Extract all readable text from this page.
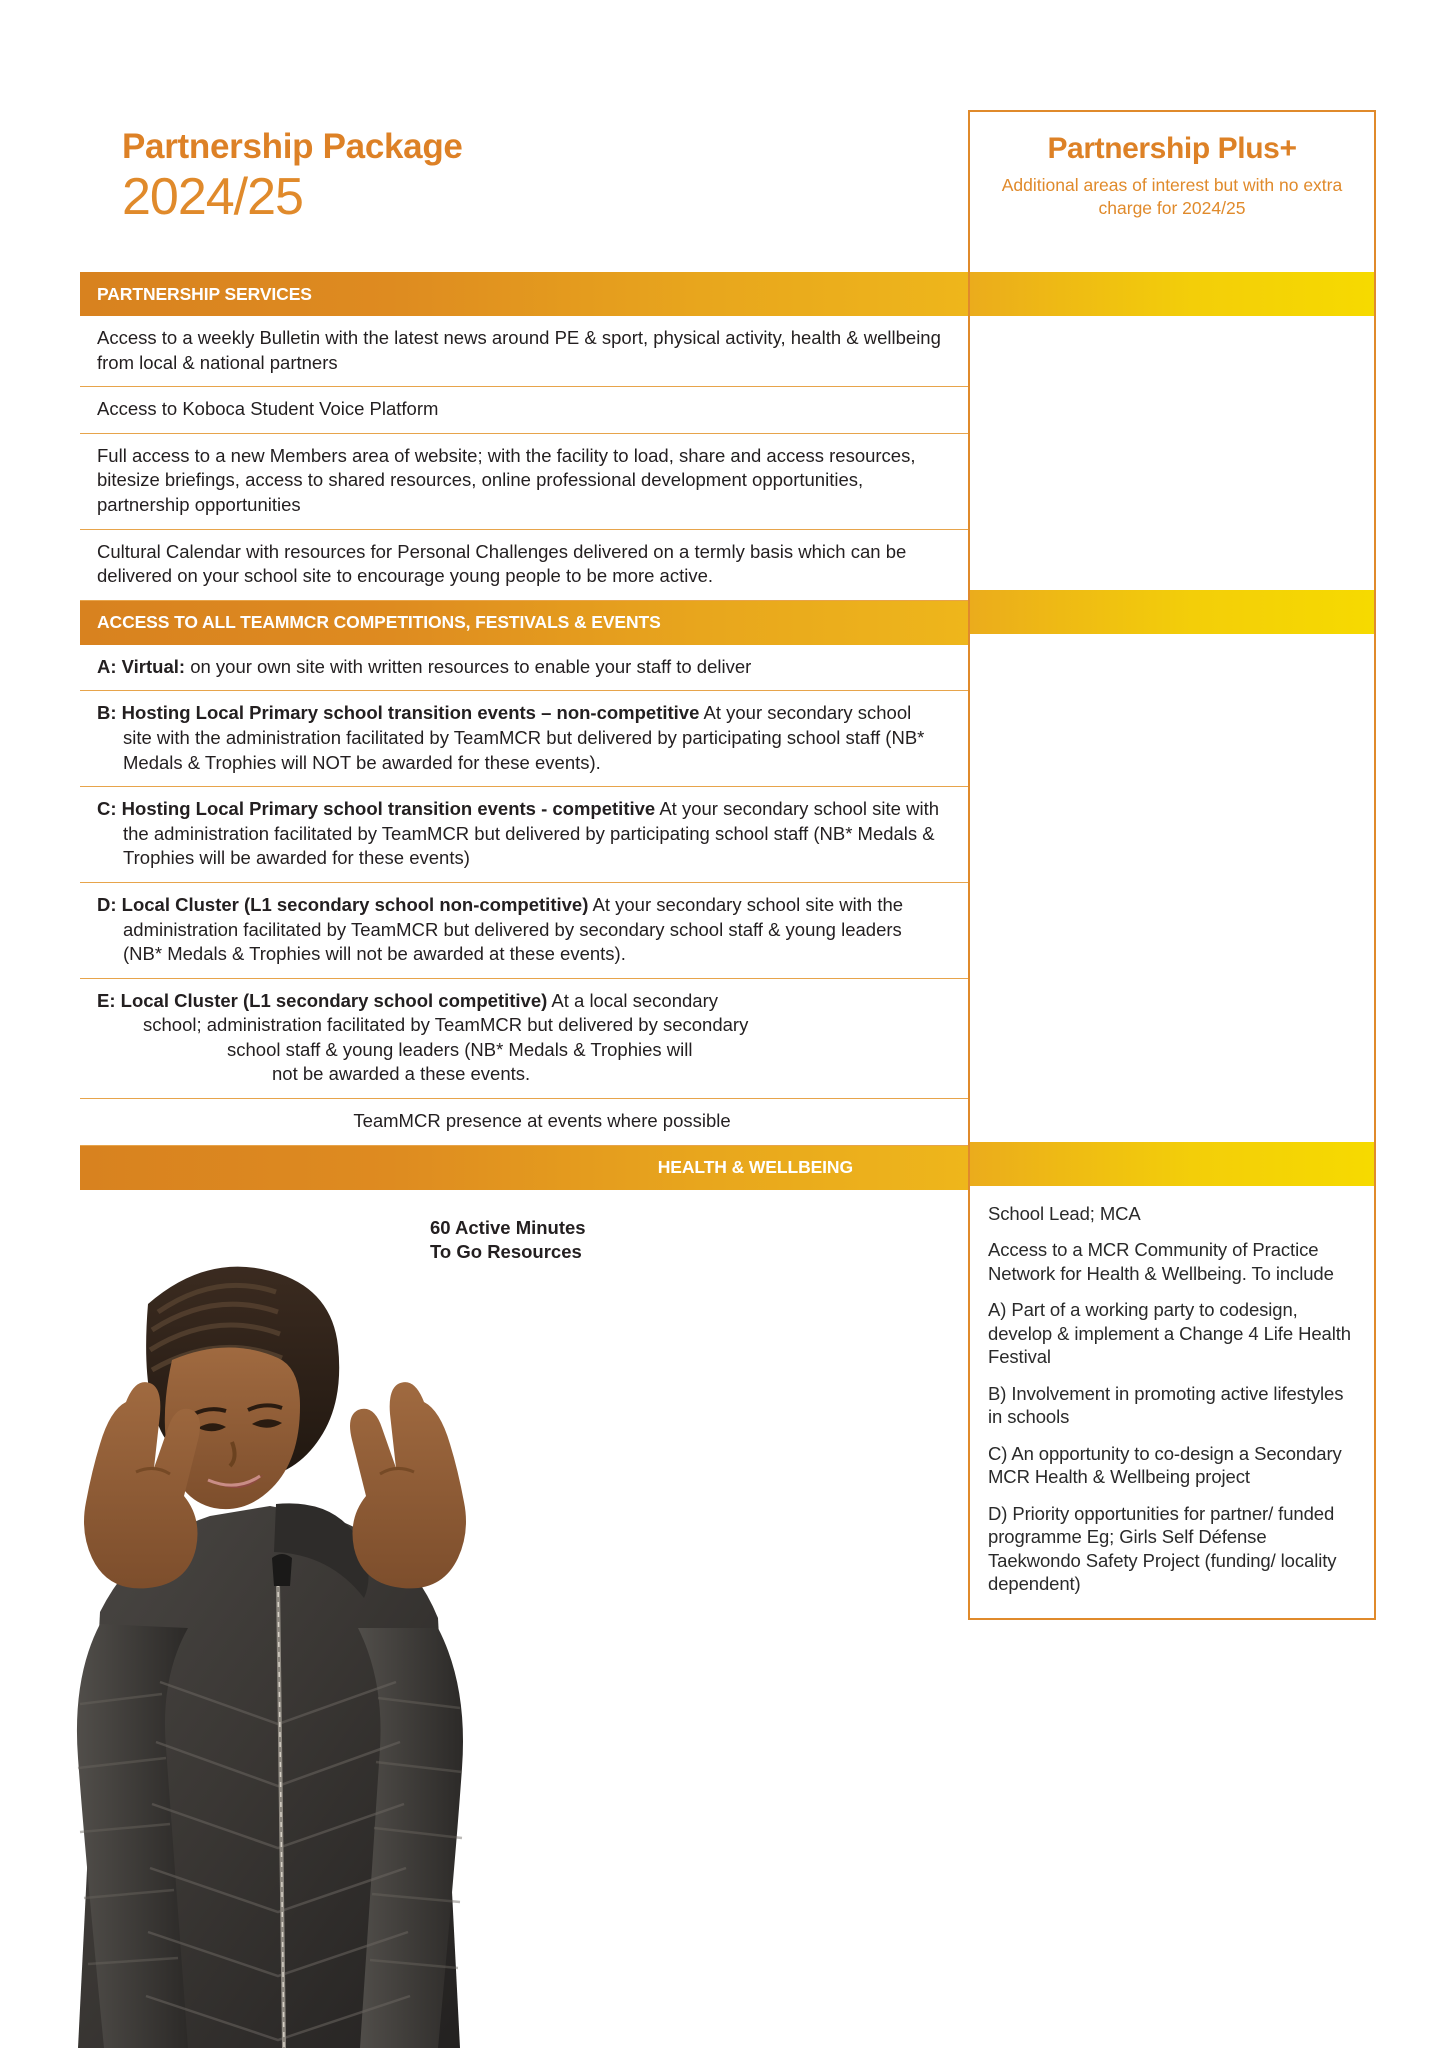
Partnership Package
2024/25
Partnership Plus+
Additional areas of interest but with no extra charge for 2024/25
PARTNERSHIP SERVICES
Access to a weekly Bulletin with the latest news around PE & sport, physical activity, health & wellbeing from local & national partners
Access to Koboca Student Voice Platform
Full access to a new Members area of website; with the facility to load, share and access resources, bitesize briefings, access to shared resources, online professional development opportunities, partnership opportunities
Cultural Calendar with resources for Personal Challenges delivered on a termly basis which can be delivered on your school site to encourage young people to be more active.
ACCESS TO ALL TEAMMCR COMPETITIONS, FESTIVALS & EVENTS
A: Virtual: on your own site with written resources to enable your staff to deliver
B: Hosting Local Primary school transition events – non-competitive At your secondary school site with the administration facilitated by TeamMCR but delivered by participating school staff (NB* Medals & Trophies will NOT be awarded for these events).
C: Hosting Local Primary school transition events - competitive At your secondary school site with the administration facilitated by TeamMCR but delivered by participating school staff (NB* Medals & Trophies will be awarded for these events)
D: Local Cluster (L1 secondary school non-competitive) At your secondary school site with the administration facilitated by TeamMCR but delivered by secondary school staff & young leaders (NB* Medals & Trophies will not be awarded at these events).
E: Local Cluster (L1 secondary school competitive) At a local secondary
school; administration facilitated by TeamMCR but delivered by secondary
school staff & young leaders (NB* Medals & Trophies will
not be awarded a these events.
TeamMCR presence at events where possible
HEALTH & WELLBEING
60 Active Minutes
To Go Resources
School Lead; MCA
Access to a MCR Community of Practice Network for Health & Wellbeing. To include
A) Part of a working party to codesign, develop & implement a Change 4 Life Health Festival
B) Involvement in promoting active lifestyles in schools
C) An opportunity to co-design a Secondary MCR Health & Wellbeing project
D) Priority opportunities for partner/ funded programme Eg; Girls Self Défense Taekwondo Safety Project (funding/ locality dependent)
